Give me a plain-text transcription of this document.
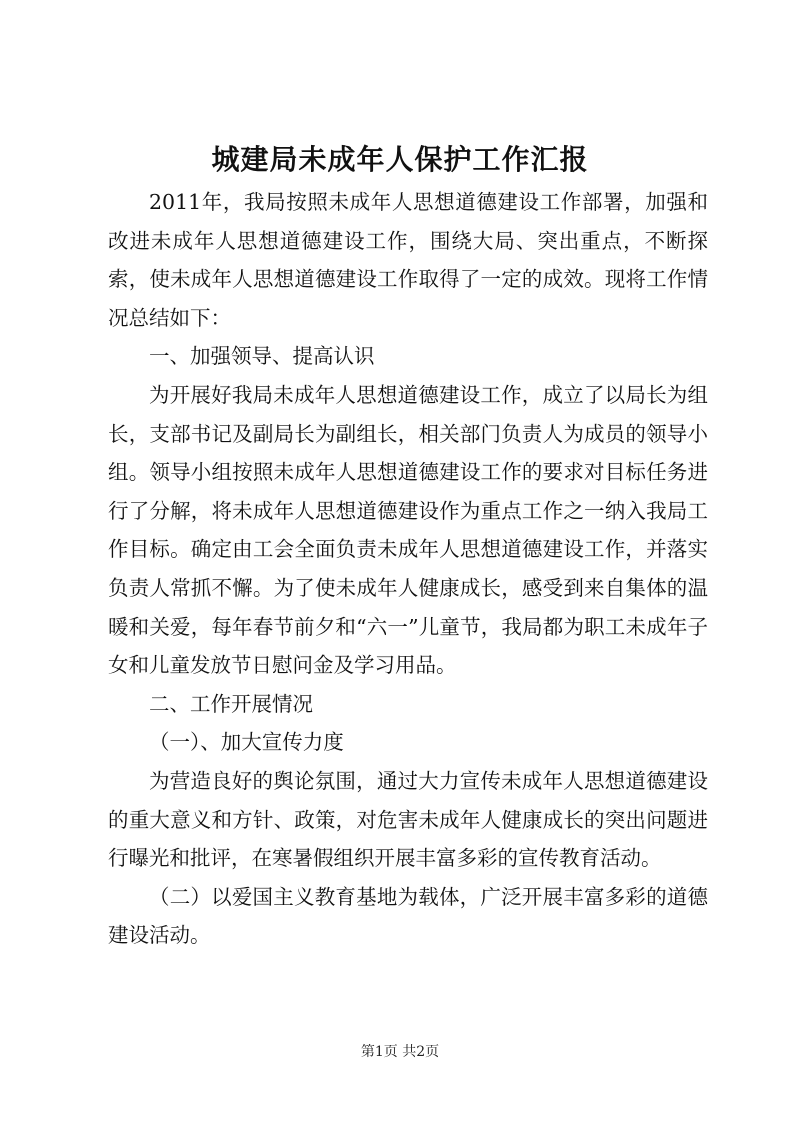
城建局未成年人保护工作汇报

2011年，我局按照未成年人思想道德建设工作部署，加强和改进未成年人思想道德建设工作，围绕大局、突出重点，不断探索，使未成年人思想道德建设工作取得了一定的成效。现将工作情况总结如下：

一、加强领导、提高认识

为开展好我局未成年人思想道德建设工作，成立了以局长为组长，支部书记及副局长为副组长，相关部门负责人为成员的领导小组。领导小组按照未成年人思想道德建设工作的要求对目标任务进行了分解，将未成年人思想道德建设作为重点工作之一纳入我局工作目标。确定由工会全面负责未成年人思想道德建设工作，并落实负责人常抓不懈。为了使未成年人健康成长，感受到来自集体的温暖和关爱，每年春节前夕和“六一”儿童节，我局都为职工未成年子女和儿童发放节日慰问金及学习用品。

二、工作开展情况

（一）、加大宣传力度

为营造良好的舆论氛围，通过大力宣传未成年人思想道德建设的重大意义和方针、政策，对危害未成年人健康成长的突出问题进行曝光和批评，在寒暑假组织开展丰富多彩的宣传教育活动。

（二）以爱国主义教育基地为载体，广泛开展丰富多彩的道德建设活动。

第1页 共2页
